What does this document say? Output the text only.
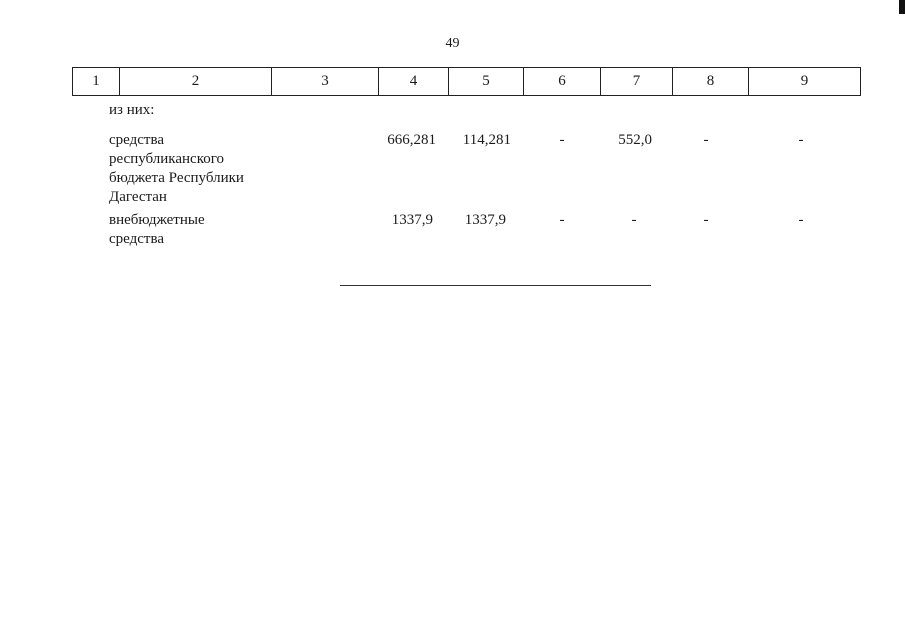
49
1	2	3	4	5	6	7	8	9
из них:
средства
республиканского
бюджета Республики
Дагестан
666,281	114,281	-	552,0	-	-
внебюджетные
средства
1337,9	1337,9	-	-	-	-
